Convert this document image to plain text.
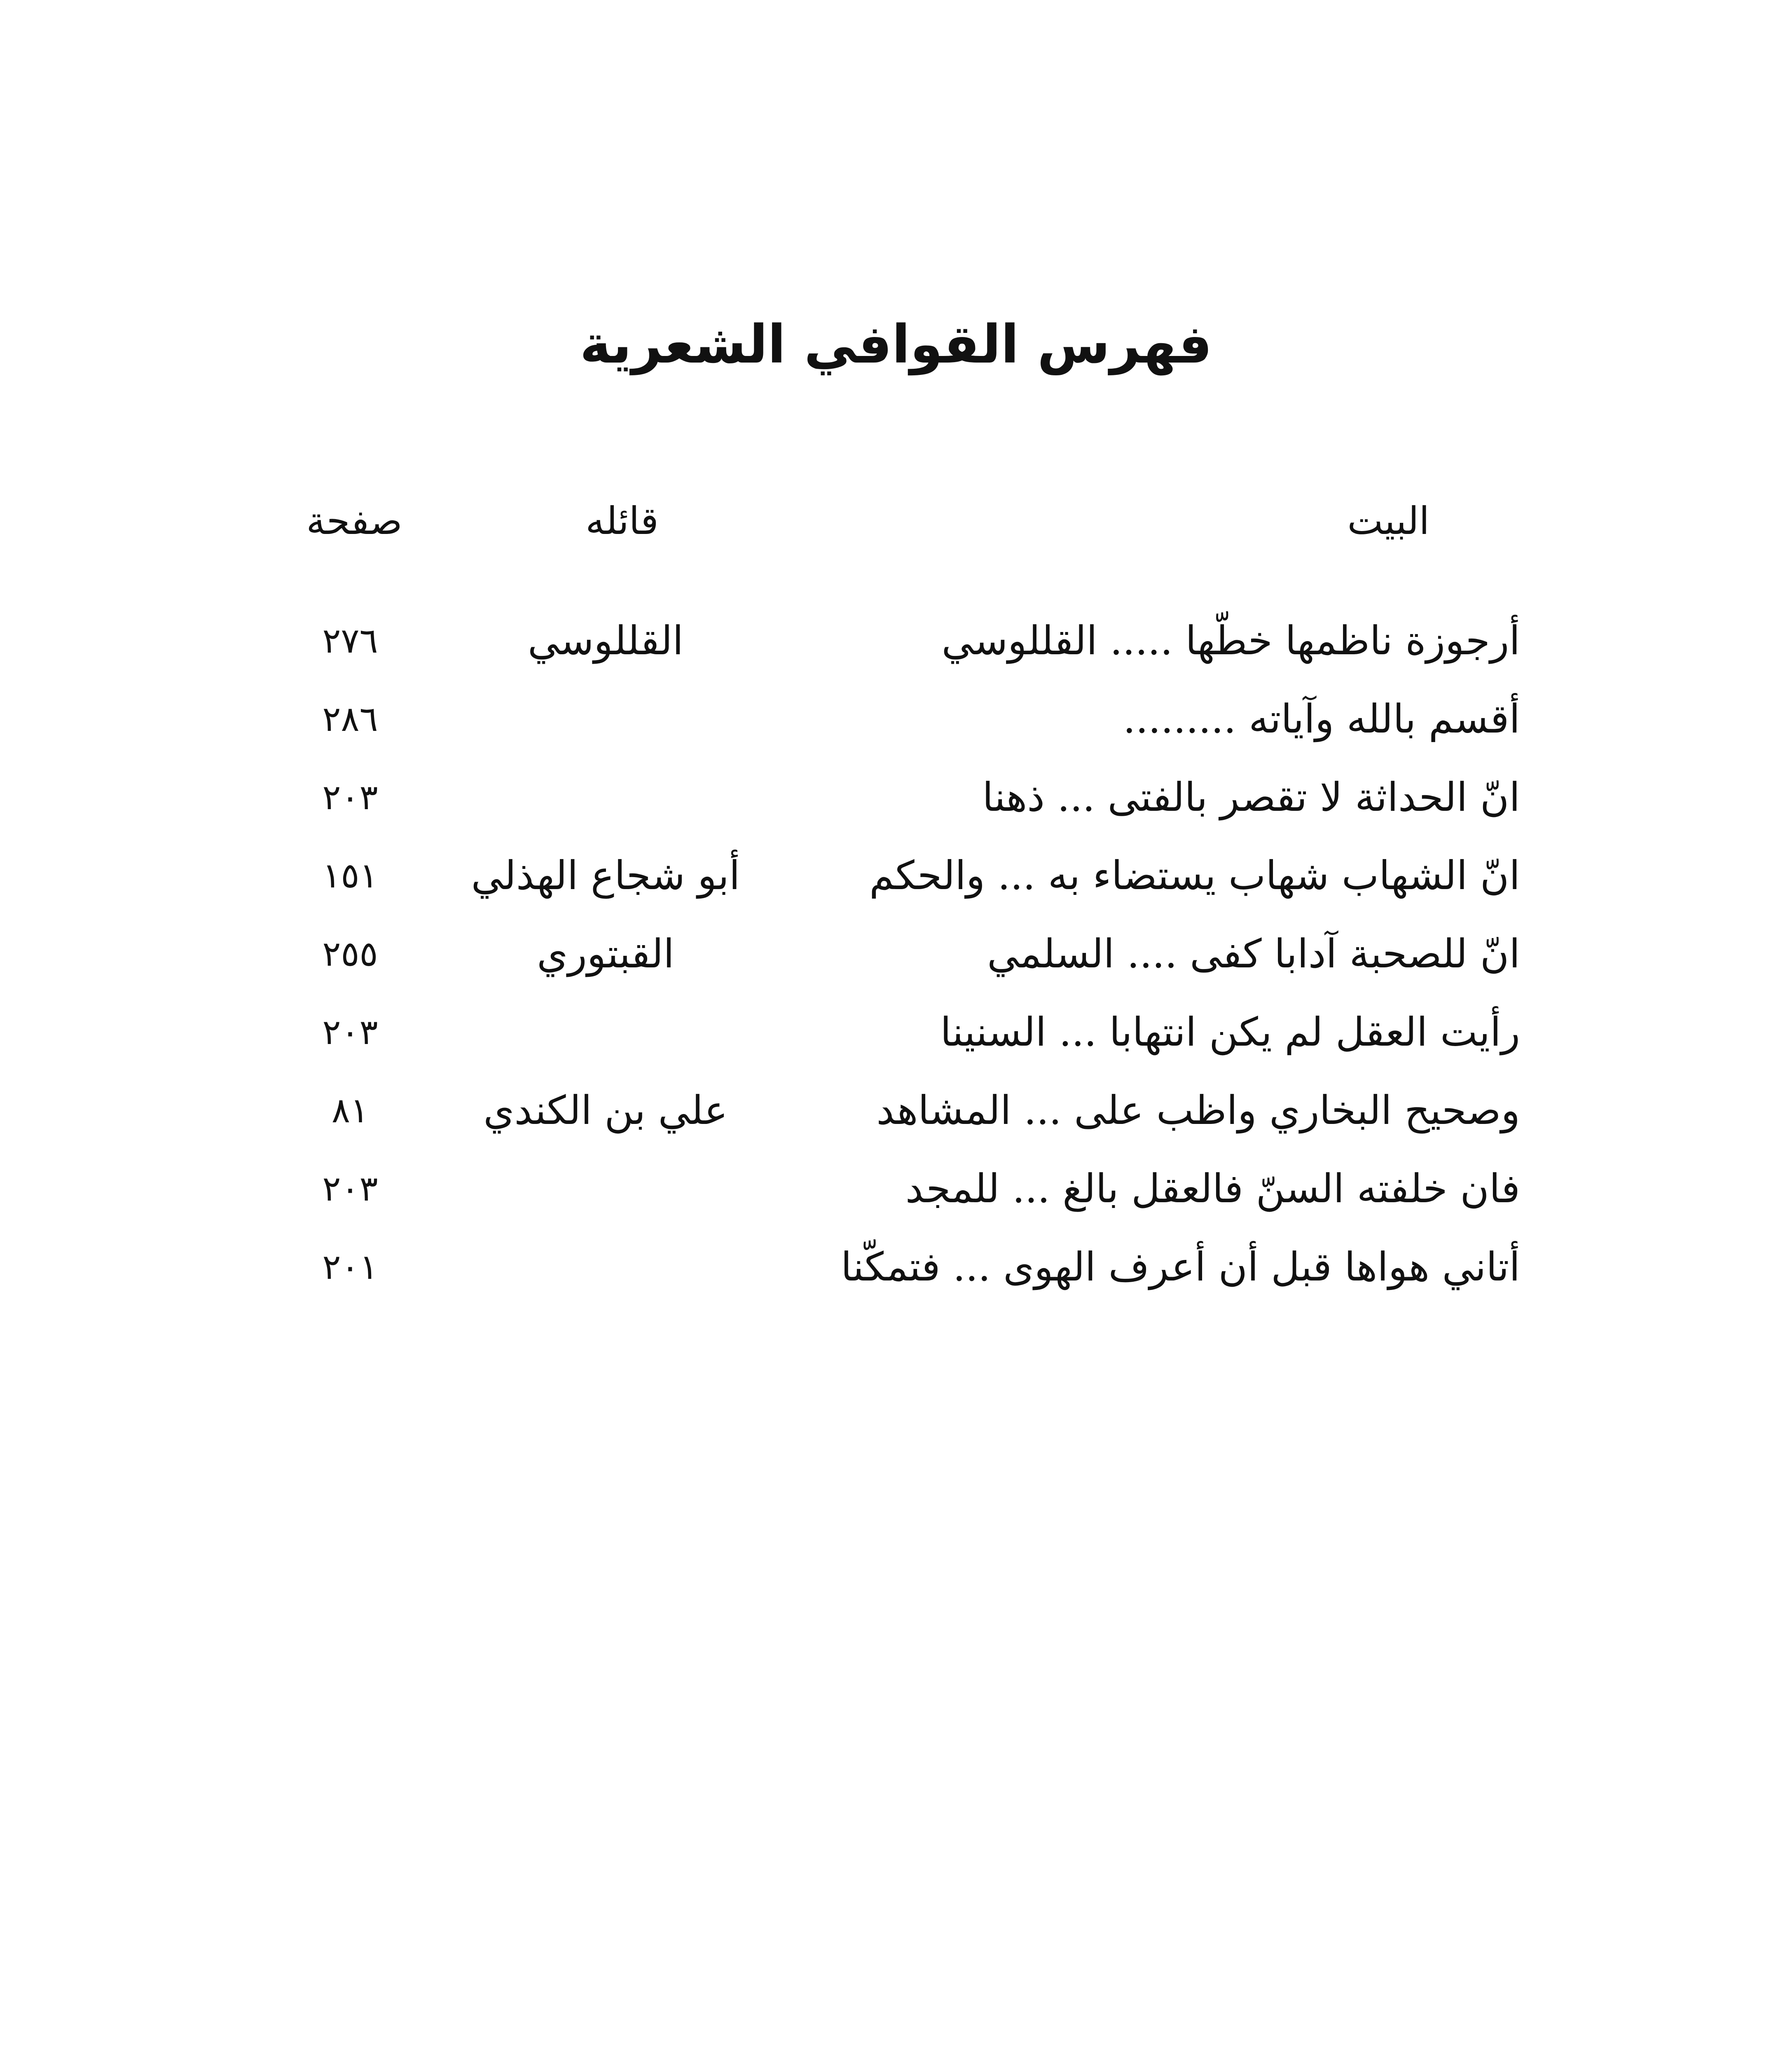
فهرس القوافي الشعرية
البيت
قائله
صفحة
أرجوزة ناظمها خطّها ..... القللوسي
القللوسي
٢٧٦
أقسم بالله وآياته .........
٢٨٦
انّ الحداثة لا تقصر بالفتى ... ذهنا
٢٠٣
انّ الشهاب شهاب يستضاء به ... والحكم
أبو شجاع الهذلي
١٥١
انّ للصحبة آدابا كفى .... السلمي
القبتوري
٢٥٥
رأيت العقل لم يكن انتهابا ... السنينا
٢٠٣
وصحيح البخاري واظب على ... المشاهد
علي بن الكندي
٨١
فان خلفته السنّ فالعقل بالغ ... للمجد
٢٠٣
أتاني هواها قبل أن أعرف الهوى ... فتمكّنا
٢٠١
